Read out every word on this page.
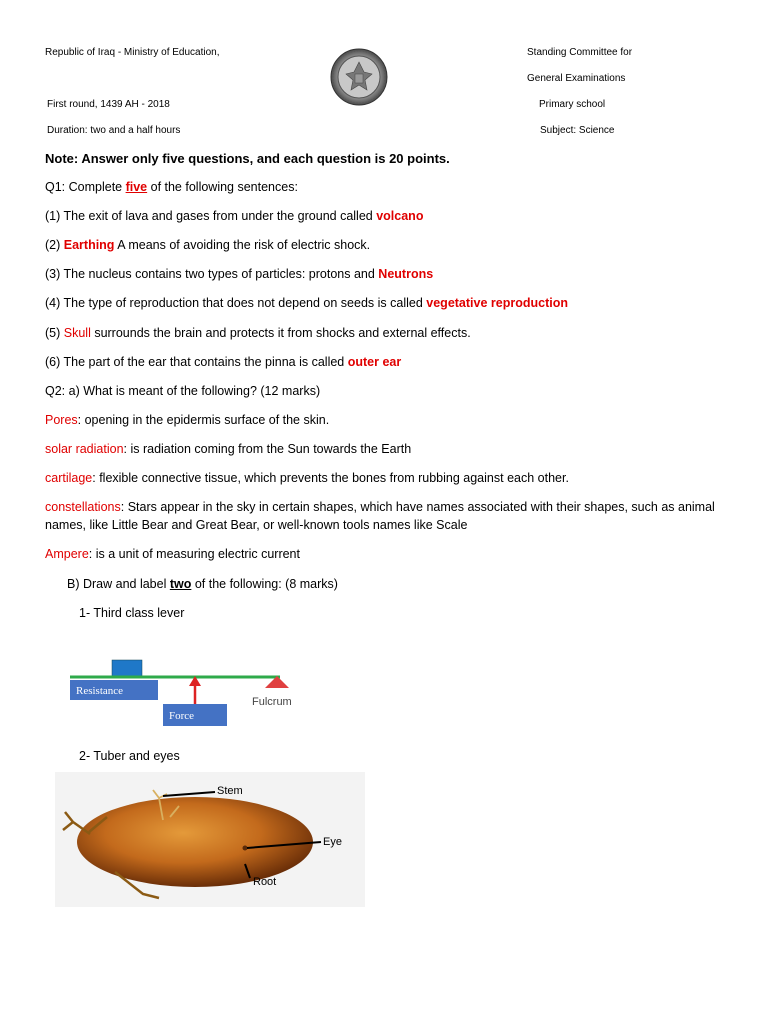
Republic of Iraq - Ministry of Education,
First round, 1439 AH - 2018
Duration: two and a half hours
Standing Committee for
General Examinations
Primary school
Subject: Science
Note: Answer only five questions, and each question is 20 points.
Q1: Complete five of the following sentences:
(1) The exit of lava and gases from under the ground called volcano
(2) Earthing A means of avoiding the risk of electric shock.
(3) The nucleus contains two types of particles: protons and Neutrons
(4) The type of reproduction that does not depend on seeds is called vegetative reproduction
(5) Skull surrounds the brain and protects it from shocks and external effects.
(6) The part of the ear that contains the pinna is called outer ear
Q2: a) What is meant of the following? (12 marks)
Pores: opening in the epidermis surface of the skin.
solar radiation: is radiation coming from the Sun towards the Earth
cartilage: flexible connective tissue, which prevents the bones from rubbing against each other.
constellations: Stars appear in the sky in certain shapes, which have names associated with their shapes, such as animal
names, like Little Bear and Great Bear, or well-known tools names like Scale
Ampere: is a unit of measuring electric current
B) Draw and label two of the following: (8 marks)
1- Third class lever
Resistance
Force
Fulcrum
2- Tuber and eyes
Stem
Eye
Root
